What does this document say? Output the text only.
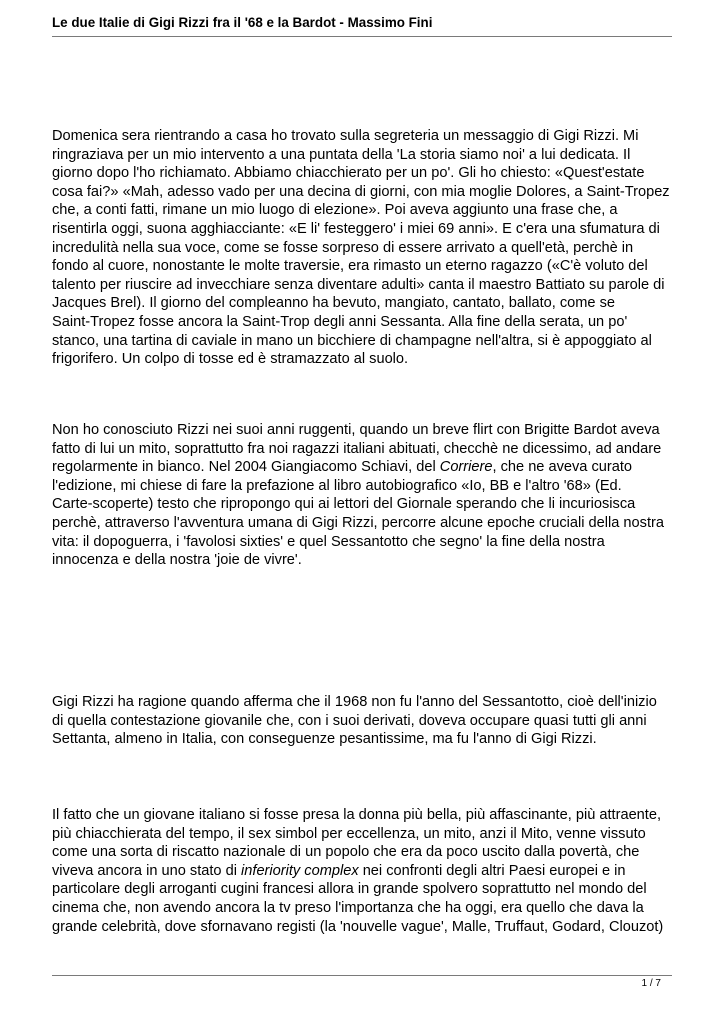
Le due Italie di Gigi Rizzi fra il '68 e la Bardot - Massimo Fini
Domenica sera rientrando a casa ho trovato sulla segreteria un messaggio di Gigi Rizzi. Mi
ringraziava per un mio intervento a una puntata della 'La storia siamo noi' a lui dedicata. Il
giorno dopo l'ho richiamato. Abbiamo chiacchierato per un po'. Gli ho chiesto: «Quest'estate
cosa fai?» «Mah, adesso vado per una decina di giorni, con mia moglie Dolores, a Saint-Tropez
che, a conti fatti, rimane un mio luogo di elezione». Poi aveva aggiunto una frase che, a
risentirla oggi, suona agghiacciante: «E li' festeggero' i miei 69 anni». E c'era una sfumatura di
incredulità nella sua voce, come se fosse sorpreso di essere arrivato a quell'età, perchè in
fondo al cuore, nonostante le molte traversie, era rimasto un eterno ragazzo («C'è voluto del
talento per riuscire ad invecchiare senza diventare adulti» canta il maestro Battiato su parole di
Jacques Brel). Il giorno del compleanno ha bevuto, mangiato, cantato, ballato, come se
Saint-Tropez fosse ancora la Saint-Trop degli anni Sessanta. Alla fine della serata, un po'
stanco, una tartina di caviale in mano un bicchiere di champagne nell'altra, si è appoggiato al
frigorifero. Un colpo di tosse ed è stramazzato al suolo.
Non ho conosciuto Rizzi nei suoi anni ruggenti, quando un breve flirt con Brigitte Bardot aveva
fatto di lui un mito, soprattutto fra noi ragazzi italiani abituati, checchè ne dicessimo, ad andare
regolarmente in bianco. Nel 2004 Giangiacomo Schiavi, del Corriere, che ne aveva curato
l'edizione, mi chiese di fare la prefazione al libro autobiografico «Io, BB e l'altro '68» (Ed.
Carte-scoperte) testo che ripropongo qui ai lettori del Giornale sperando che li incuriosisca
perchè, attraverso l'avventura umana di Gigi Rizzi, percorre alcune epoche cruciali della nostra
vita: il dopoguerra, i 'favolosi sixties' e quel Sessantotto che segno' la fine della nostra
innocenza e della nostra 'joie de vivre'.
Gigi Rizzi ha ragione quando afferma che il 1968 non fu l'anno del Sessantotto, cioè dell'inizio
di quella contestazione giovanile che, con i suoi derivati, doveva occupare quasi tutti gli anni
Settanta, almeno in Italia, con conseguenze pesantissime, ma fu l'anno di Gigi Rizzi.
Il fatto che un giovane italiano si fosse presa la donna più bella, più affascinante, più attraente,
più chiacchierata del tempo, il sex simbol per eccellenza, un mito, anzi il Mito, venne vissuto
come una sorta di riscatto nazionale di un popolo che era da poco uscito dalla povertà, che
viveva ancora in uno stato di inferiority complex nei confronti degli altri Paesi europei e in
particolare degli arroganti cugini francesi allora in grande spolvero soprattutto nel mondo del
cinema che, non avendo ancora la tv preso l'importanza che ha oggi, era quello che dava la
grande celebrità, dove sfornavano registi (la 'nouvelle vague', Malle, Truffaut, Godard, Clouzot)
1 / 7
